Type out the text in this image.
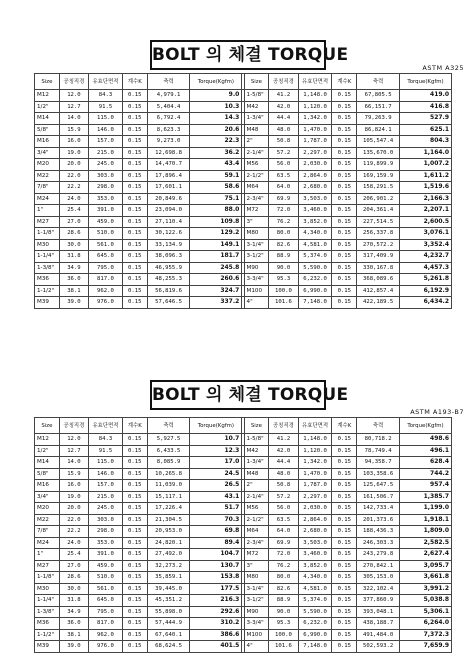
BOLT 의 체결 TORQUE
ASTM A325
Size	공칭직경	유효단면적	계수K	축력	Torque(Kgfm)		Size	공칭직경	유효단면적	계수K	축력	Torque(Kgfm)
M12	12.0	84.3	0.15	4,979.1	9.0		1-5/8"	41.2	1,148.0	0.15	67,805.5	419.0
1/2"	12.7	91.5	0.15	5,404.4	10.3		M42	42.0	1,120.0	0.15	66,151.7	416.8
M14	14.0	115.0	0.15	6,792.4	14.3		1-3/4"	44.4	1,342.0	0.15	79,263.9	527.9
5/8"	15.9	146.0	0.15	8,623.3	20.6		M48	48.0	1,470.0	0.15	86,824.1	625.1
M16	16.0	157.0	0.15	9,273.0	22.3		2"	50.8	1,787.0	0.15	105,547.4	804.3
3/4"	19.0	215.0	0.15	12,698.8	36.2		2-1/4"	57.2	2,297.0	0.15	135,670.0	1,164.0
M20	20.0	245.0	0.15	14,470.7	43.4		M56	56.0	2,030.0	0.15	119,899.9	1,007.2
M22	22.0	303.0	0.15	17,896.4	59.1		2-1/2"	63.5	2,864.0	0.15	169,159.9	1,611.2
7/8"	22.2	298.0	0.15	17,601.1	58.6		M64	64.0	2,680.0	0.15	158,291.5	1,519.6
M24	24.0	353.0	0.15	20,849.6	75.1		2-3/4"	69.9	3,503.0	0.15	206,901.2	2,166.3
1"	25.4	391.0	0.15	23,094.0	88.0		M72	72.0	3,460.0	0.15	204,361.4	2,207.1
M27	27.0	459.0	0.15	27,110.4	109.8		3"	76.2	3,852.0	0.15	227,514.5	2,600.5
1-1/8"	28.6	510.0	0.15	30,122.6	129.2		M80	80.0	4,340.0	0.15	256,337.8	3,076.1
M30	30.0	561.0	0.15	33,134.9	149.1		3-1/4"	82.6	4,581.0	0.15	270,572.2	3,352.4
1-1/4"	31.8	645.0	0.15	38,096.3	181.7		3-1/2"	88.9	5,374.0	0.15	317,409.9	4,232.7
1-3/8"	34.9	795.0	0.15	46,955.9	245.8		M90	90.0	5,590.0	0.15	330,167.8	4,457.3
M36	36.0	817.0	0.15	48,255.3	260.6		3-3/4"	95.3	6,232.0	0.15	368,089.6	5,261.8
1-1/2"	38.1	962.0	0.15	56,819.6	324.7		M100	100.0	6,990.0	0.15	412,857.4	6,192.9
M39	39.0	976.0	0.15	57,646.5	337.2		4"	101.6	7,148.0	0.15	422,189.5	6,434.2
BOLT 의 체결 TORQUE
ASTM A193-B7
Size	공칭직경	유효단면적	계수K	축력	Torque(Kgfm)		Size	공칭직경	유효단면적	계수K	축력	Torque(Kgfm)
M12	12.0	84.3	0.15	5,927.5	10.7		1-5/8"	41.2	1,148.0	0.15	80,718.2	498.6
1/2"	12.7	91.5	0.15	6,433.5	12.3		M42	42.0	1,120.0	0.15	78,749.4	496.1
M14	14.0	115.0	0.15	8,085.9	17.0		1-3/4"	44.4	1,342.0	0.15	94,358.7	628.4
5/8"	15.9	146.0	0.15	10,265.8	24.5		M48	48.0	1,470.0	0.15	103,358.6	744.2
M16	16.0	157.0	0.15	11,039.0	26.5		2"	50.8	1,787.0	0.15	125,647.5	957.4
3/4"	19.0	215.0	0.15	15,117.1	43.1		2-1/4"	57.2	2,297.0	0.15	161,506.7	1,385.7
M20	20.0	245.0	0.15	17,226.4	51.7		M56	56.0	2,030.0	0.15	142,733.4	1,199.0
M22	22.0	303.0	0.15	21,304.5	70.3		2-1/2"	63.5	2,864.0	0.15	201,373.6	1,918.1
7/8"	22.2	298.0	0.15	20,953.0	69.8		M64	64.0	2,680.0	0.15	188,436.3	1,809.0
M24	24.0	353.0	0.15	24,820.1	89.4		2-3/4"	69.9	3,503.0	0.15	246,303.3	2,582.5
1"	25.4	391.0	0.15	27,492.0	104.7		M72	72.0	3,460.0	0.15	243,279.8	2,627.4
M27	27.0	459.0	0.15	32,273.2	130.7		3"	76.2	3,852.0	0.15	270,842.1	3,095.7
1-1/8"	28.6	510.0	0.15	35,859.1	153.8		M80	80.0	4,340.0	0.15	305,153.0	3,661.8
M30	30.0	561.0	0.15	39,445.0	177.5		3-1/4"	82.6	4,581.0	0.15	322,102.4	3,991.2
1-1/4"	31.8	645.0	0.15	45,351.2	216.3		3-1/2"	88.9	5,374.0	0.15	377,860.9	5,038.8
1-3/8"	34.9	795.0	0.15	55,898.0	292.6		M90	90.0	5,590.0	0.15	393,048.1	5,306.1
M36	36.0	817.0	0.15	57,444.9	310.2		3-3/4"	95.3	6,232.0	0.15	438,188.7	6,264.0
1-1/2"	38.1	962.0	0.15	67,640.1	386.6		M100	100.0	6,990.0	0.15	491,484.0	7,372.3
M39	39.0	976.0	0.15	68,624.5	401.5		4"	101.6	7,148.0	0.15	502,593.2	7,659.9
